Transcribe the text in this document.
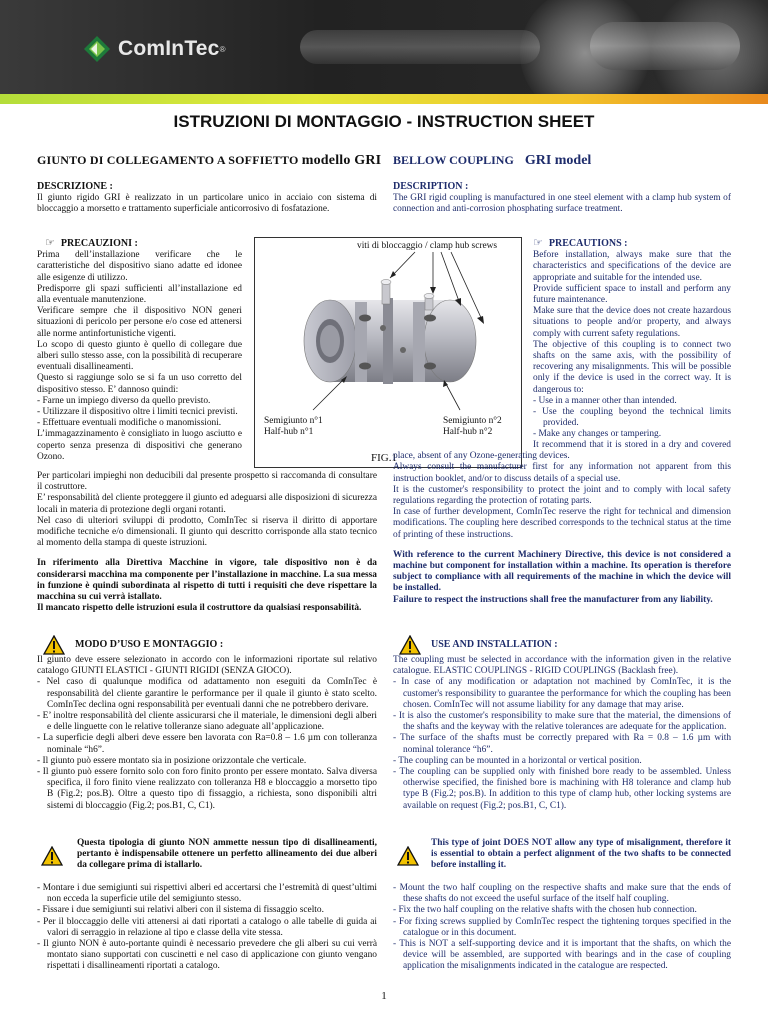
ComInTec ®
ISTRUZIONI DI MONTAGGIO - INSTRUCTION SHEET
GIUNTO DI COLLEGAMENTO A SOFFIETTO modello GRI BELLOW COUPLING GRI model
DESCRIZIONE :
Il giunto rigido GRI è realizzato in un particolare unico in acciaio con sistema di bloccaggio a morsetto e trattamento superficiale anticorrosivo di fosfatazione.
DESCRIPTION :
The GRI rigid coupling is manufactured in one steel element with a clamp hub system of connection and anti-corrosion phosphating surface treatment.
☞ PRECAUZIONI :
Prima dell’installazione verificare che le caratteristiche del dispositivo siano adatte ed idonee alle esigenze di utilizzo.
Predisporre gli spazi sufficienti all’installazione ed alla eventuale manutenzione.
Verificare sempre che il dispositivo NON generi situazioni di pericolo per persone e/o cose ed attenersi alle norme antinfortunistiche vigenti.
Lo scopo di questo giunto è quello di collegare due alberi sullo stesso asse, con la possibilità di recuperare eventuali disallineamenti.
Questo si raggiunge solo se si fa un uso corretto del dispositivo stesso. E’ dannoso quindi:
- Farne un impiego diverso da quello previsto.
- Utilizzare il dispositivo oltre i limiti tecnici previsti.
- Effettuare eventuali modifiche o manomissioni.
L’immagazzinamento è consigliato in luogo asciutto e coperto senza presenza di dispositivi che generano Ozono.
Per particolari impieghi non deducibili dal presente prospetto si raccomanda di consultare il costruttore.
E’ responsabilità del cliente proteggere il giunto ed adeguarsi alle disposizioni di sicurezza locali in materia di protezione degli organi rotanti.
Nel caso di ulteriori sviluppi di prodotto, ComInTec si riserva il diritto di apportare modifiche tecniche e/o dimensionali. Il giunto qui descritto corrisponde alla stato tecnico al momento della stampa di queste istruzioni.
In riferimento alla Direttiva Macchine in vigore, tale dispositivo non è da considerarsi macchina ma componente per l’installazione in macchine. La sua messa in funzione è quindi subordinata al rispetto di tutti i requisiti che deve rispettare la macchina su cui verrà istallato.
Il mancato rispetto delle istruzioni esula il costruttore da qualsiasi responsabilità.
viti di bloccaggio / clamp hub screws
Semigiunto n°1
Half-hub n°1
Semigiunto n°2
Half-hub n°2
FIG.1
☞ PRECAUTIONS :
Before installation, always make sure that the characteristics and specifications of the device are appropriate and suitable for the intended use.
Provide sufficient space to install and perform any future maintenance.
Make sure that the device does not create hazardous situations to people and/or property, and always comply with current safety regulations.
The objective of this coupling is to connect two shafts on the same axis, with the possibility of recovering any misalignments. This will be possible only if the device is used in the correct way. It is dangerous to:
- Use in a manner other than intended.
- Use the coupling beyond the technical limits provided.
- Make any changes or tampering.
It recommend that it is stored in a dry and covered place, absent of any Ozone-generating devices.
Always consult the manufacturer first for any information not apparent from this instruction booklet, and/or to discuss details of a special use.
It is the customer's responsibility to protect the joint and to comply with local safety regulations regarding the protection of rotating parts.
In case of further development, ComInTec reserve the right for technical and dimension modifications. The coupling here described corresponds to the technical status at the time of printing of these instructions.
With reference to the current Machinery Directive, this device is not considered a machine but component for installation within a machine. Its operation is therefore subject to compliance with all requirements of the machine in which the device will be installed.
Failure to respect the instructions shall free the manufacturer from any liability.
MODO D’USO E MONTAGGIO :
Il giunto deve essere selezionato in accordo con le informazioni riportate sul relativo catalogo GIUNTI ELASTICI - GIUNTI RIGIDI (SENZA GIOCO).
- Nel caso di qualunque modifica od adattamento non eseguiti da ComInTec è responsabilità del cliente garantire le performance per il quale il giunto è stato scelto. ComInTec declina ogni responsabilità per eventuali danni che ne potrebbero derivare.
- E’ inoltre responsabilità del cliente assicurarsi che il materiale, le dimensioni degli alberi e delle linguette con le relative tolleranze siano adeguate all’applicazione.
- La superficie degli alberi deve essere ben lavorata con Ra=0.8 – 1.6 µm con tolleranza nominale “h6”.
- Il giunto può essere montato sia in posizione orizzontale che verticale.
- Il giunto può essere fornito solo con foro finito pronto per essere montato. Salva diversa specifica, il foro finito viene realizzato con tolleranza H8 e bloccaggio a morsetto tipo B (Fig.2; pos.B). Oltre a questo tipo di fissaggio, a richiesta, sono disponibili altri sistemi di bloccaggio (Fig.2; pos.B1, C, C1).
Questa tipologia di giunto NON ammette nessun tipo di disallineamenti, pertanto è indispensabile ottenere un perfetto allineamento dei due alberi da collegare prima di istallarlo.
- Montare i due semigiunti sui rispettivi alberi ed accertarsi che l’estremità di quest’ultimi non ecceda la superficie utile del semigiunto stesso.
- Fissare i due semigiunti sui relativi alberi con il sistema di fissaggio scelto.
- Per il bloccaggio delle viti attenersi ai dati riportati a catalogo o alle tabelle di guida ai valori di serraggio in relazione al tipo e classe della vite stessa.
- Il giunto NON è auto-portante quindi è necessario prevedere che gli alberi su cui verrà montato siano supportati con cuscinetti e nel caso di applicazione con giunto vengano rispettati i disallineamenti riportati a catalogo.
USE AND INSTALLATION :
The coupling must be selected in accordance with the information given in the relative catalogue. ELASTIC COUPLINGS - RIGID COUPLINGS (Backlash free).
- In case of any modification or adaptation not machined by ComInTec, it is the customer's responsibility to guarantee the performance for which the coupling has been chosen. ComInTec will not assume liability for any damage that may arise.
- It is also the customer's responsibility to make sure that the material, the dimensions of the shafts and the keyway with the relative tolerances are adequate for the application.
- The surface of the shafts must be correctly prepared with Ra = 0.8 – 1.6 µm with nominal tolerance “h6”.
- The coupling can be mounted in a horizontal or vertical position.
- The coupling can be supplied only with finished bore ready to be assembled. Unless otherwise specified, the finished bore is machining with H8 tolerance and clamp hub type B (Fig.2; pos.B). In addition to this type of clamp hub, other locking systems are available on request (Fig.2; pos.B1, C, C1).
This type of joint DOES NOT allow any type of misalignment, therefore it is essential to obtain a perfect alignment of the two shafts to be connected before installing it.
- Mount the two half coupling on the respective shafts and make sure that the ends of these shafts do not exceed the useful surface of the itself half coupling.
- Fix the two half coupling on the relative shafts with the chosen hub connection.
- For fixing screws supplied by ComInTec respect the tightening torques specified in the catalogue or in this document.
- This is NOT a self-supporting device and it is important that the shafts, on which the device will be assembled, are supported with bearings and in the case of coupling application the misalignments indicated in the catalogue are respected.
1
